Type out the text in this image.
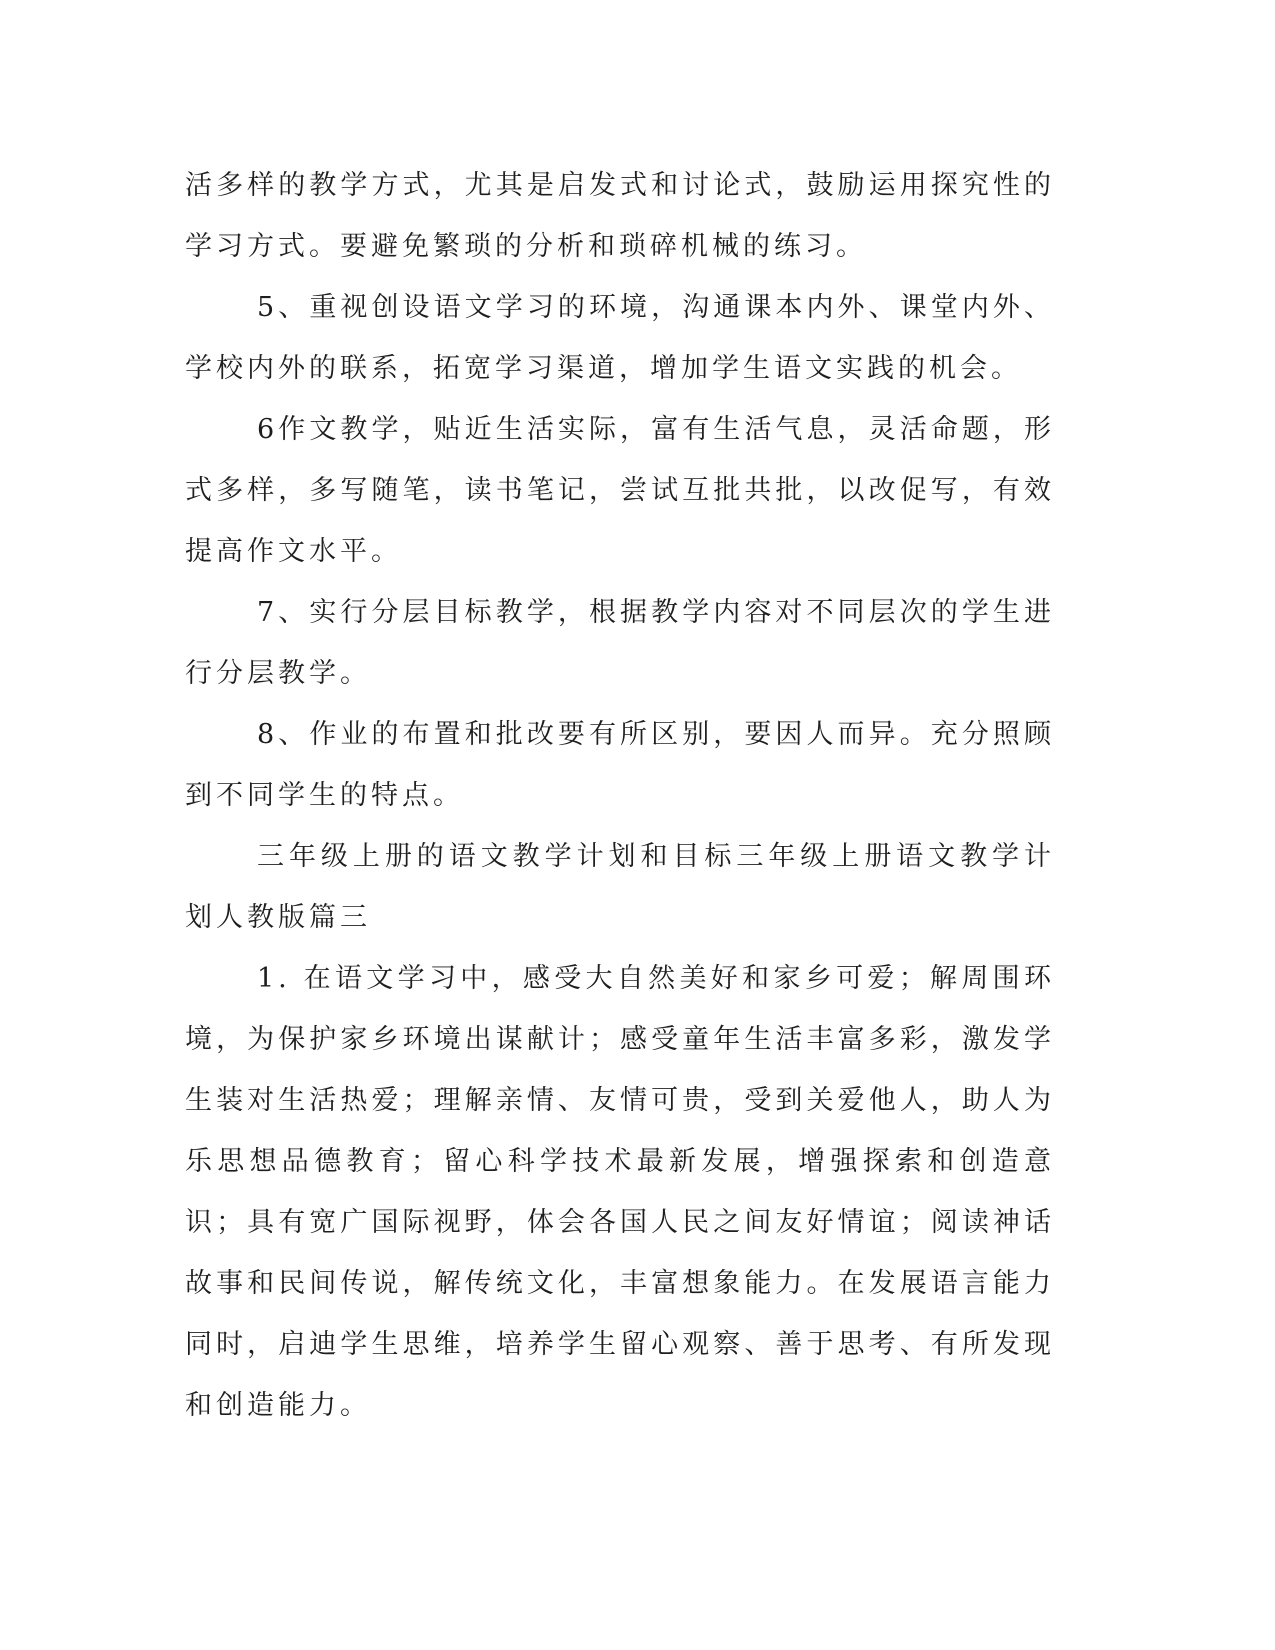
活多样的教学方式，尤其是启发式和讨论式，鼓励运用探究性的学习方式。要避免繁琐的分析和琐碎机械的练习。

5、重视创设语文学习的环境，沟通课本内外、课堂内外、学校内外的联系，拓宽学习渠道，增加学生语文实践的机会。

6作文教学，贴近生活实际，富有生活气息，灵活命题，形式多样，多写随笔，读书笔记，尝试互批共批，以改促写，有效提高作文水平。

7、实行分层目标教学，根据教学内容对不同层次的学生进行分层教学。

8、作业的布置和批改要有所区别，要因人而异。充分照顾到不同学生的特点。

三年级上册的语文教学计划和目标三年级上册语文教学计划人教版篇三

1. 在语文学习中，感受大自然美好和家乡可爱；解周围环境，为保护家乡环境出谋献计；感受童年生活丰富多彩，激发学生装对生活热爱；理解亲情、友情可贵，受到关爱他人，助人为乐思想品德教育；留心科学技术最新发展，增强探索和创造意识；具有宽广国际视野，体会各国人民之间友好情谊；阅读神话故事和民间传说，解传统文化，丰富想象能力。在发展语言能力同时，启迪学生思维，培养学生留心观察、善于思考、有所发现和创造能力。
